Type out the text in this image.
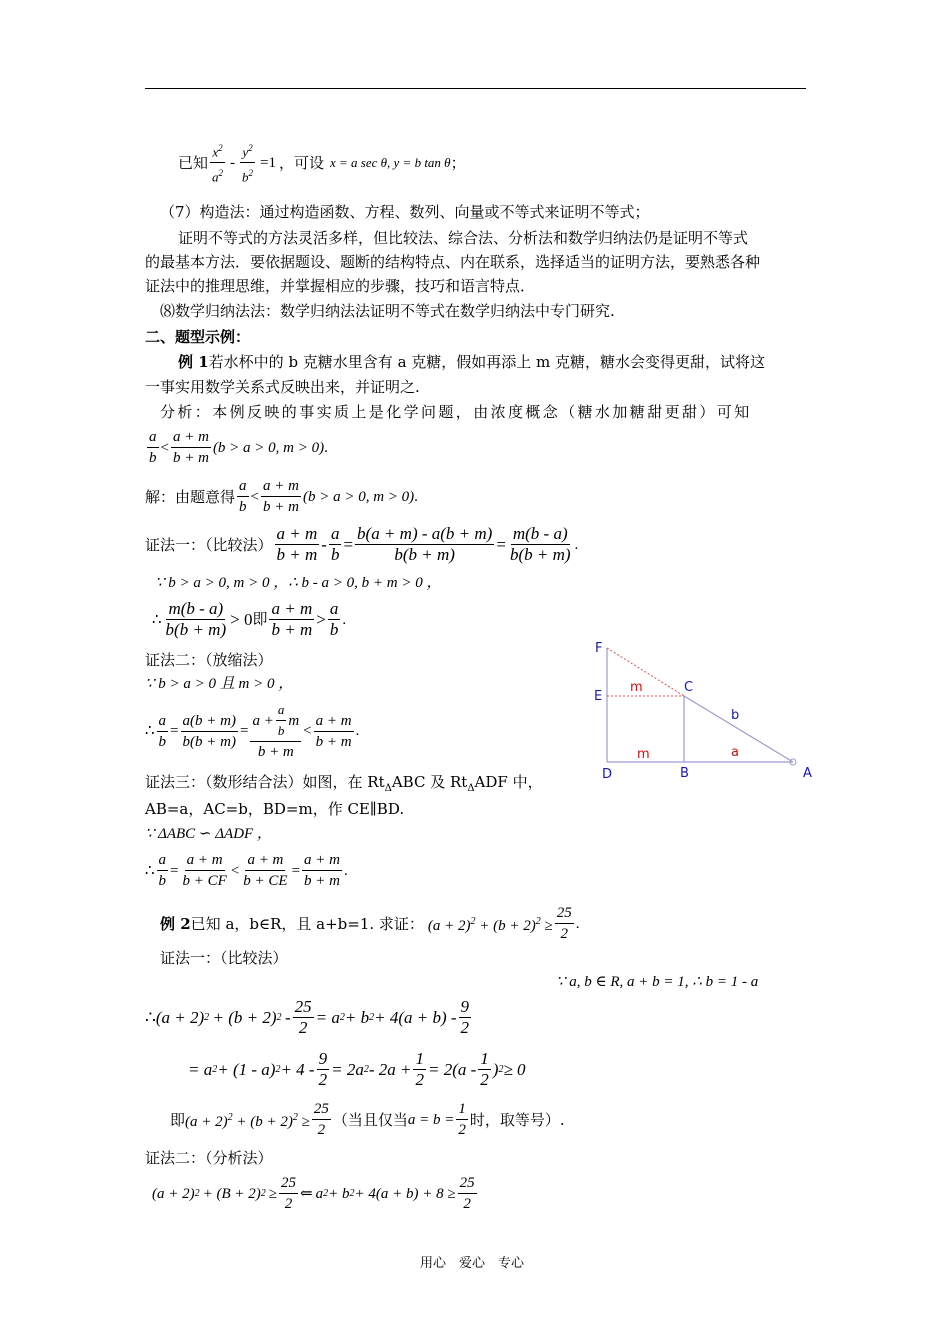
已知
$x^2$
$a^2$
- $\frac{y^2}{b^2} =1$ ，可设 x = a sec θ, y = b tan θ ；
（7）构造法：通过构造函数、方程、数列、向量或不等式来证明不等式；
证明不等式的方法灵活多样，但比较法、综合法、分析法和数学归纳法仍是证明不等式
的最基本方法．要依据题设、题断的结构特点、内在联系，选择适当的证明方法，要熟悉各种
证法中的推理思维，并掌握相应的步骤，技巧和语言特点．
⑻数学归纳法法：数学归纳法法证明不等式在数学归纳法中专门研究.
二、题型示例：
例 1若水杯中的 b 克糖水里含有 a 克糖，假如再添上 m 克糖，糖水会变得更甜，试将这
一事实用数学关系式反映出来，并证明之.
分析：本例反映的事实质上是化学问题，由浓度概念（糖水加糖甜更甜）可知
a
b
<
a + m
b + m
(b > a > 0, m > 0) .
解：由题意得
a
b
<
a + m
b + m
(b > a > 0, m > 0) .
证法一：（比较法）
a + m
b + m
- $\frac{a}{b} = \frac{b(a + m) - a(b + m)}{b(b + m)} = \frac{m(b - a)}{b(b + m)}$ .
∵ b > a > 0, m > 0 ，∴ b - a > 0, b + m > 0 ，
∴
m(b - a)
b(b + m)
> 0 即
a + m
b + m
>
a
b
.
证法二：（放缩法）
∵ b > a > 0 且 m > 0 ，
∴ $\frac{a}{b} = \frac{a(b + m)}{b(b + m)}$ =
a +
a
b
m
b + m
<
a + m
b + m
.
证法三：（数形结合法）如图，在 $Rt_\Delta ABC$ 及 $Rt_\Delta ADF$ 中，
AB=a，AC=b，BD=m，作 CE∥BD.
∵ ΔABC ∽ ΔADF ，
∴ $\frac{a}{b} = \frac{a + m}{b + CF} < \frac{a + m}{b + CE} = \frac{a + m}{b + m}$ .
F
E
C
D	B	A
m
m	a
b
例 2 已知 a，b∈R，且 a+b=1. 求证： $(a + 2)^2 + (b + 2)^2 \ge \frac{25}{2}$ .
证法一：（比较法）
∵ a, b ∈ R, a + b = 1, ∴ b = 1 - a
∴ (a + 2) 2  + (b + 2) 2  -
25
2
= a 2 + b 2 + 4(a + b) -
9
2
= a 2 + (1 - a) 2 + 4 -
9
2
= 2a 2 - 2a +
1
2
= 2(a -
1
2
) 2 ≥ 0
即 $(a + 2)^2 + (b + 2)^2 \ge \frac{25}{2}$ （当且仅当 $a = b = \frac{1}{2}$ 时，取等号）.
证法二：（分析法）
(a + 2) 2  + (B + 2) 2  ≥
25
2
⇐  a 2 + b 2 + 4(a + b) + 8 ≥
25
2
用心　爱心　专心
